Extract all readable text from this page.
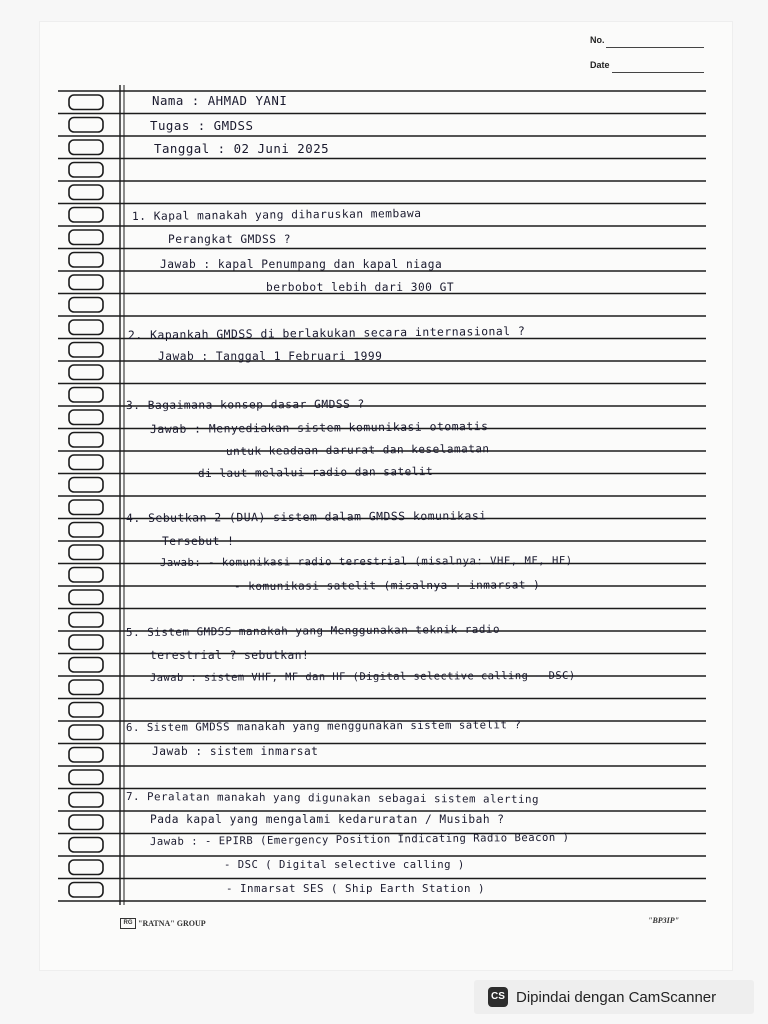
No.
Date
Nama : AHMAD YANI
Tugas : GMDSS
Tanggal : 02 Juni 2025
1. Kapal manakah yang diharuskan membawa
Perangkat GMDSS ?
Jawab : kapal Penumpang dan kapal niaga
berbobot lebih dari 300 GT
2. Kapankah GMDSS di berlakukan secara internasional ?
Jawab : Tanggal 1 Februari 1999
3. Bagaimana konsep dasar GMDSS ?
Jawab : Menyediakan sistem komunikasi otomatis
untuk keadaan darurat dan keselamatan
di laut melalui radio dan satelit
4. Sebutkan 2 (DUA) sistem dalam GMDSS komunikasi
Tersebut !
Jawab: - komunikasi radio terestrial (misalnya: VHF, MF, HF)
- komunikasi satelit (misalnya : inmarsat )
5. Sistem GMDSS manakah yang Menggunakan teknik radio
terestrial ? sebutkan!
Jawab : sistem VHF, MF dan HF (Digital selective calling - DSC)
6. Sistem GMDSS manakah yang menggunakan sistem satelit ?
Jawab : sistem inmarsat
7. Peralatan manakah yang digunakan sebagai sistem alerting
Pada kapal yang mengalami kedaruratan / Musibah ?
Jawab : - EPIRB (Emergency Position Indicating Radio Beacon )
- DSC ( Digital selective calling )
- Inmarsat SES ( Ship Earth Station )
RG "RATNA" GROUP	"BP3IP"
CS Dipindai dengan CamScanner
